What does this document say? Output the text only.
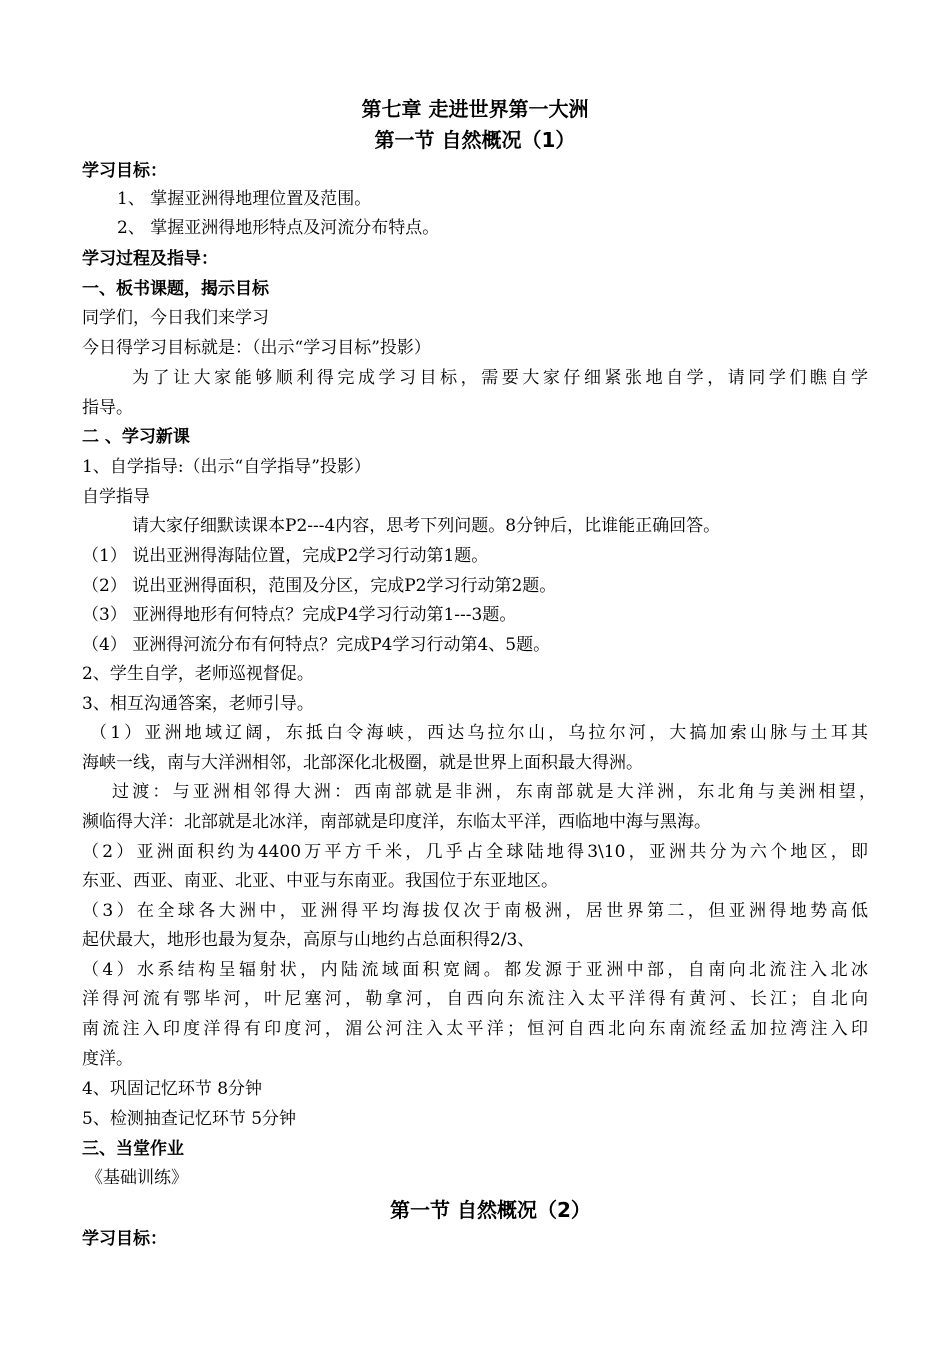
第七章 走进世界第一大洲
第一节 自然概况（1）
学习目标：
1、 掌握亚洲得地理位置及范围。
2、 掌握亚洲得地形特点及河流分布特点。
学习过程及指导：
一、板书课题，揭示目标
同学们，今日我们来学习
今日得学习目标就是：（出示“学习目标”投影）
为了让大家能够顺利得完成学习目标，需要大家仔细紧张地自学，请同学们瞧自学
指导。
二 、学习新课
1、自学指导:（出示“自学指导”投影）
自学指导
请大家仔细默读课本P2---4内容，思考下列问题。8分钟后，比谁能正确回答。
（1） 说出亚洲得海陆位置，完成P2学习行动第1题。
（2） 说出亚洲得面积，范围及分区，完成P2学习行动第2题。
（3） 亚洲得地形有何特点？完成P4学习行动第1---3题。
（4） 亚洲得河流分布有何特点？完成P4学习行动第4、5题。
2、学生自学，老师巡视督促。
3、相互沟通答案，老师引导。
（1）亚洲地域辽阔，东抵白令海峡，西达乌拉尔山，乌拉尔河，大搞加索山脉与土耳其
海峡一线，南与大洋洲相邻，北部深化北极圈，就是世界上面积最大得洲。
过渡：与亚洲相邻得大洲：西南部就是非洲，东南部就是大洋洲，东北角与美洲相望，
濒临得大洋：北部就是北冰洋，南部就是印度洋，东临太平洋，西临地中海与黑海。
（2）亚洲面积约为4400万平方千米，几乎占全球陆地得3\10，亚洲共分为六个地区，即
东亚、西亚、南亚、北亚、中亚与东南亚。我国位于东亚地区。
（3）在全球各大洲中，亚洲得平均海拔仅次于南极洲，居世界第二，但亚洲得地势高低
起伏最大，地形也最为复杂，高原与山地约占总面积得2/3、
（4）水系结构呈辐射状，内陆流域面积宽阔。都发源于亚洲中部，自南向北流注入北冰
洋得河流有鄂毕河，叶尼塞河，勒拿河，自西向东流注入太平洋得有黄河、长江；自北向
南流注入印度洋得有印度河，湄公河注入太平洋；恒河自西北向东南流经孟加拉湾注入印
度洋。
4、巩固记忆环节 8分钟
5、检测抽查记忆环节 5分钟
三、当堂作业
《基础训练》
第一节 自然概况（2）
学习目标：
